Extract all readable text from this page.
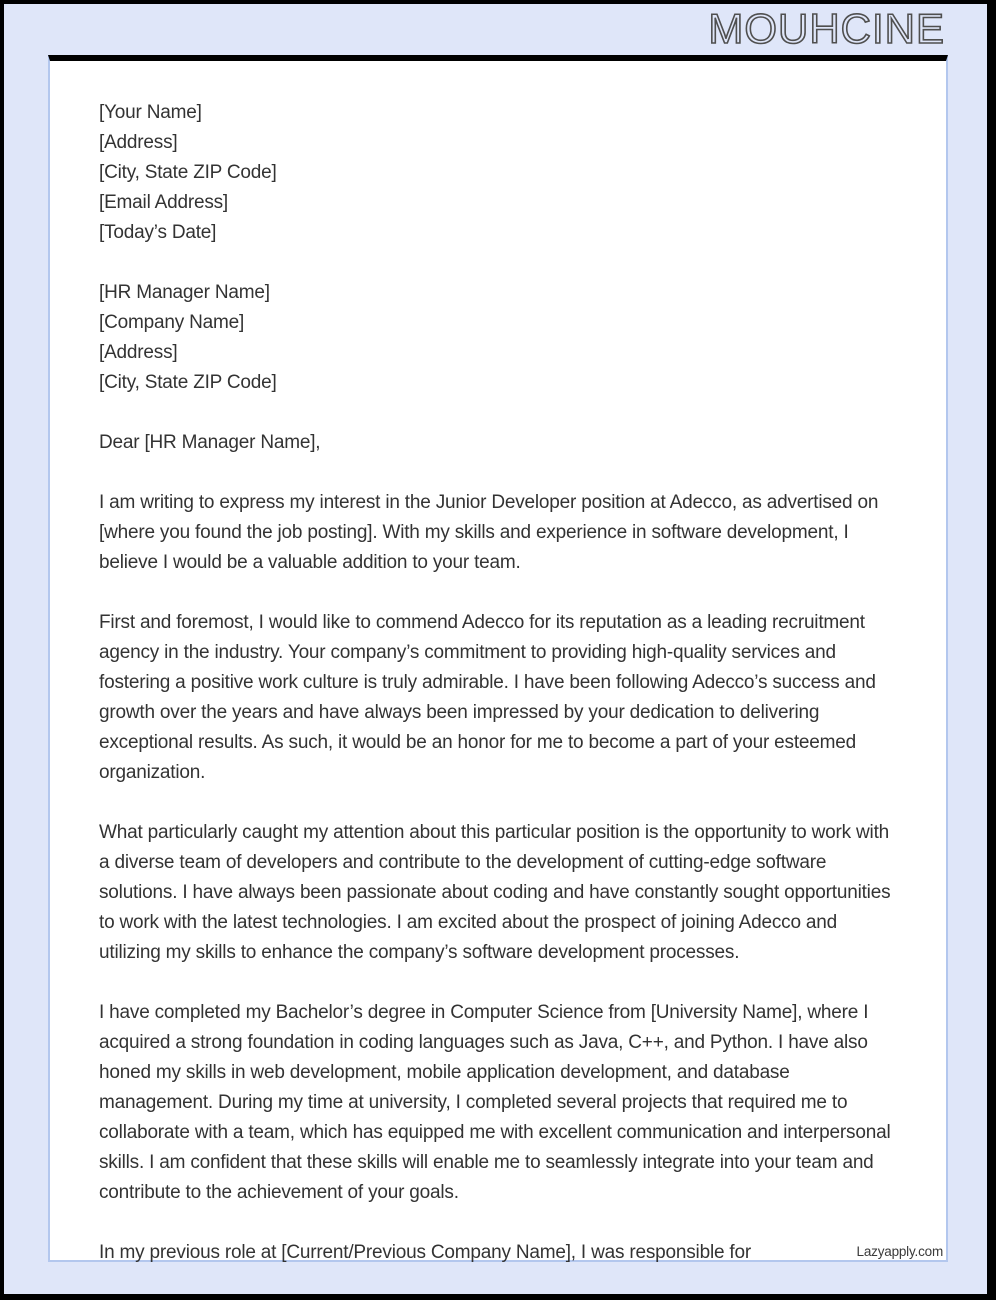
MOUHCINE
Lazyapply.com
[Your Name]
[Address]
[City, State ZIP Code]
[Email Address]
[Today’s Date]
[HR Manager Name]
[Company Name]
[Address]
[City, State ZIP Code]
Dear [HR Manager Name],

I am writing to express my interest in the Junior Developer position at Adecco, as advertised on [where you found the job posting]. With my skills and experience in software development, I believe I would be a valuable addition to your team.

First and foremost, I would like to commend Adecco for its reputation as a leading recruitment agency in the industry. Your company’s commitment to providing high-quality services and fostering a positive work culture is truly admirable. I have been following Adecco’s success and growth over the years and have always been impressed by your dedication to delivering exceptional results. As such, it would be an honor for me to become a part of your esteemed organization.

What particularly caught my attention about this particular position is the opportunity to work with a diverse team of developers and contribute to the development of cutting-edge software solutions. I have always been passionate about coding and have constantly sought opportunities to work with the latest technologies. I am excited about the prospect of joining Adecco and utilizing my skills to enhance the company’s software development processes.

I have completed my Bachelor’s degree in Computer Science from [University Name], where I acquired a strong foundation in coding languages such as Java, C++, and Python. I have also honed my skills in web development, mobile application development, and database management. During my time at university, I completed several projects that required me to collaborate with a team, which has equipped me with excellent communication and interpersonal skills. I am confident that these skills will enable me to seamlessly integrate into your team and contribute to the achievement of your goals.

In my previous role at [Current/Previous Company Name], I was responsible for
